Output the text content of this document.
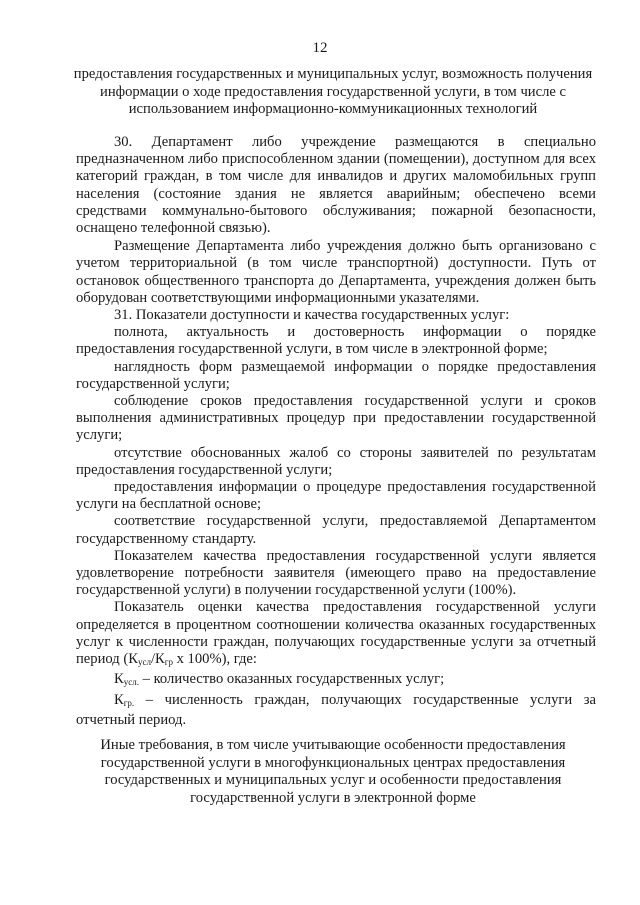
12
предоставления государственных и муниципальных услуг, возможность получения информации о ходе предоставления государственной услуги, в том числе с использованием информационно-коммуникационных технологий

30. Департамент либо учреждение размещаются в специально предназначенном либо приспособленном здании (помещении), доступном для всех категорий граждан, в том числе для инвалидов и других маломобильных групп населения (состояние здания не является аварийным; обеспечено всеми средствами коммунально-бытового обслуживания; пожарной безопасности, оснащено телефонной связью).

Размещение Департамента либо учреждения должно быть организовано с учетом территориальной (в том числе транспортной) доступности. Путь от остановок общественного транспорта до Департамента, учреждения должен быть оборудован соответствующими информационными указателями.

31. Показатели доступности и качества государственных услуг:

полнота, актуальность и достоверность информации о порядке предоставления государственной услуги, в том числе в электронной форме;

наглядность форм размещаемой информации о порядке предоставления государственной услуги;

соблюдение сроков предоставления государственной услуги и сроков выполнения административных процедур при предоставлении государственной услуги;

отсутствие обоснованных жалоб со стороны заявителей по результатам предоставления государственной услуги;

предоставления информации о процедуре предоставления государственной услуги на бесплатной основе;

соответствие государственной услуги, предоставляемой Департаментом государственному стандарту.

Показателем качества предоставления государственной услуги является удовлетворение потребности заявителя (имеющего право на предоставление государственной услуги) в получении государственной услуги (100%).

Показатель оценки качества предоставления государственной услуги определяется в процентном соотношении количества оказанных государственных услуг к численности граждан, получающих государственные услуги за отчетный период ($К_{усл}/К_{гр}$ х 100%), где:

$К_{усл.}$ – количество оказанных государственных услуг;

$К_{гр.}$ – численность граждан, получающих государственные услуги за отчетный период.

Иные требования, в том числе учитывающие особенности предоставления государственной услуги в многофункциональных центрах предоставления государственных и муниципальных услуг и особенности предоставления государственной услуги в электронной форме
